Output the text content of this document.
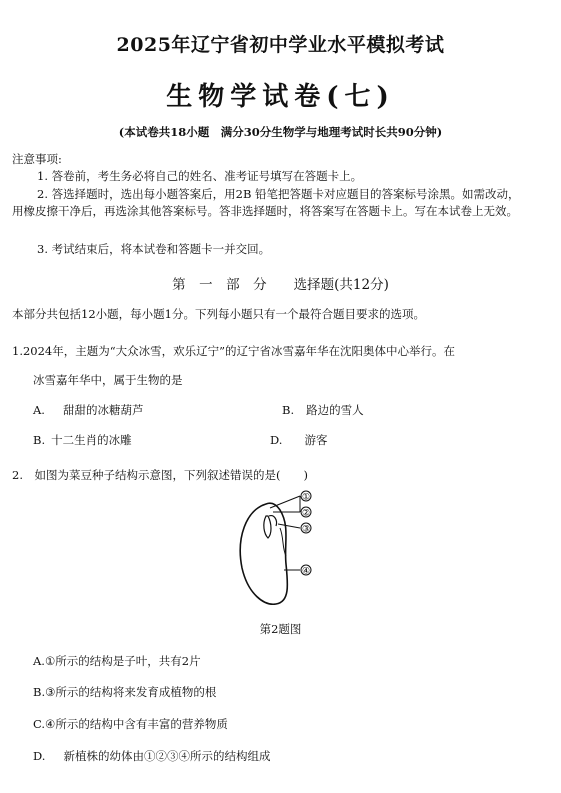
2025年辽宁省初中学业水平模拟考试
生物学试卷(七)
(本试卷共18小题　满分30分生物学与地理考试时长共90分钟)
注意事项:
1. 答卷前，考生务必将自己的姓名、准考证号填写在答题卡上。
2. 答选择题时，选出每小题答案后，用2B 铅笔把答题卡对应题目的答案标号涂黑。如需改动，用橡皮擦干净后，再选涂其他答案标号。答非选择题时，将答案写在答题卡上。写在本试卷上无效。
3. 考试结束后，将本试卷和答题卡一并交回。
第　一　部　分　　选择题(共12分)
本部分共包括12小题，每小题1分。下列每小题只有一个最符合题目要求的选项。
1.2024年，主题为“大众冰雪，欢乐辽宁”的辽宁省冰雪嘉年华在沈阳奥体中心举行。在
冰雪嘉年华中，属于生物的是
A. 甜甜的冰糖葫芦	B. 路边的雪人
B. 十二生肖的冰雕	D. 游客
2.　如图为菜豆种子结构示意图，下列叙述错误的是(　　)
①
②
③
④
第2题图
A.①所示的结构是子叶，共有2片
B.③所示的结构将来发育成植物的根
C.④所示的结构中含有丰富的营养物质
D. 新植株的幼体由①②③④所示的结构组成
